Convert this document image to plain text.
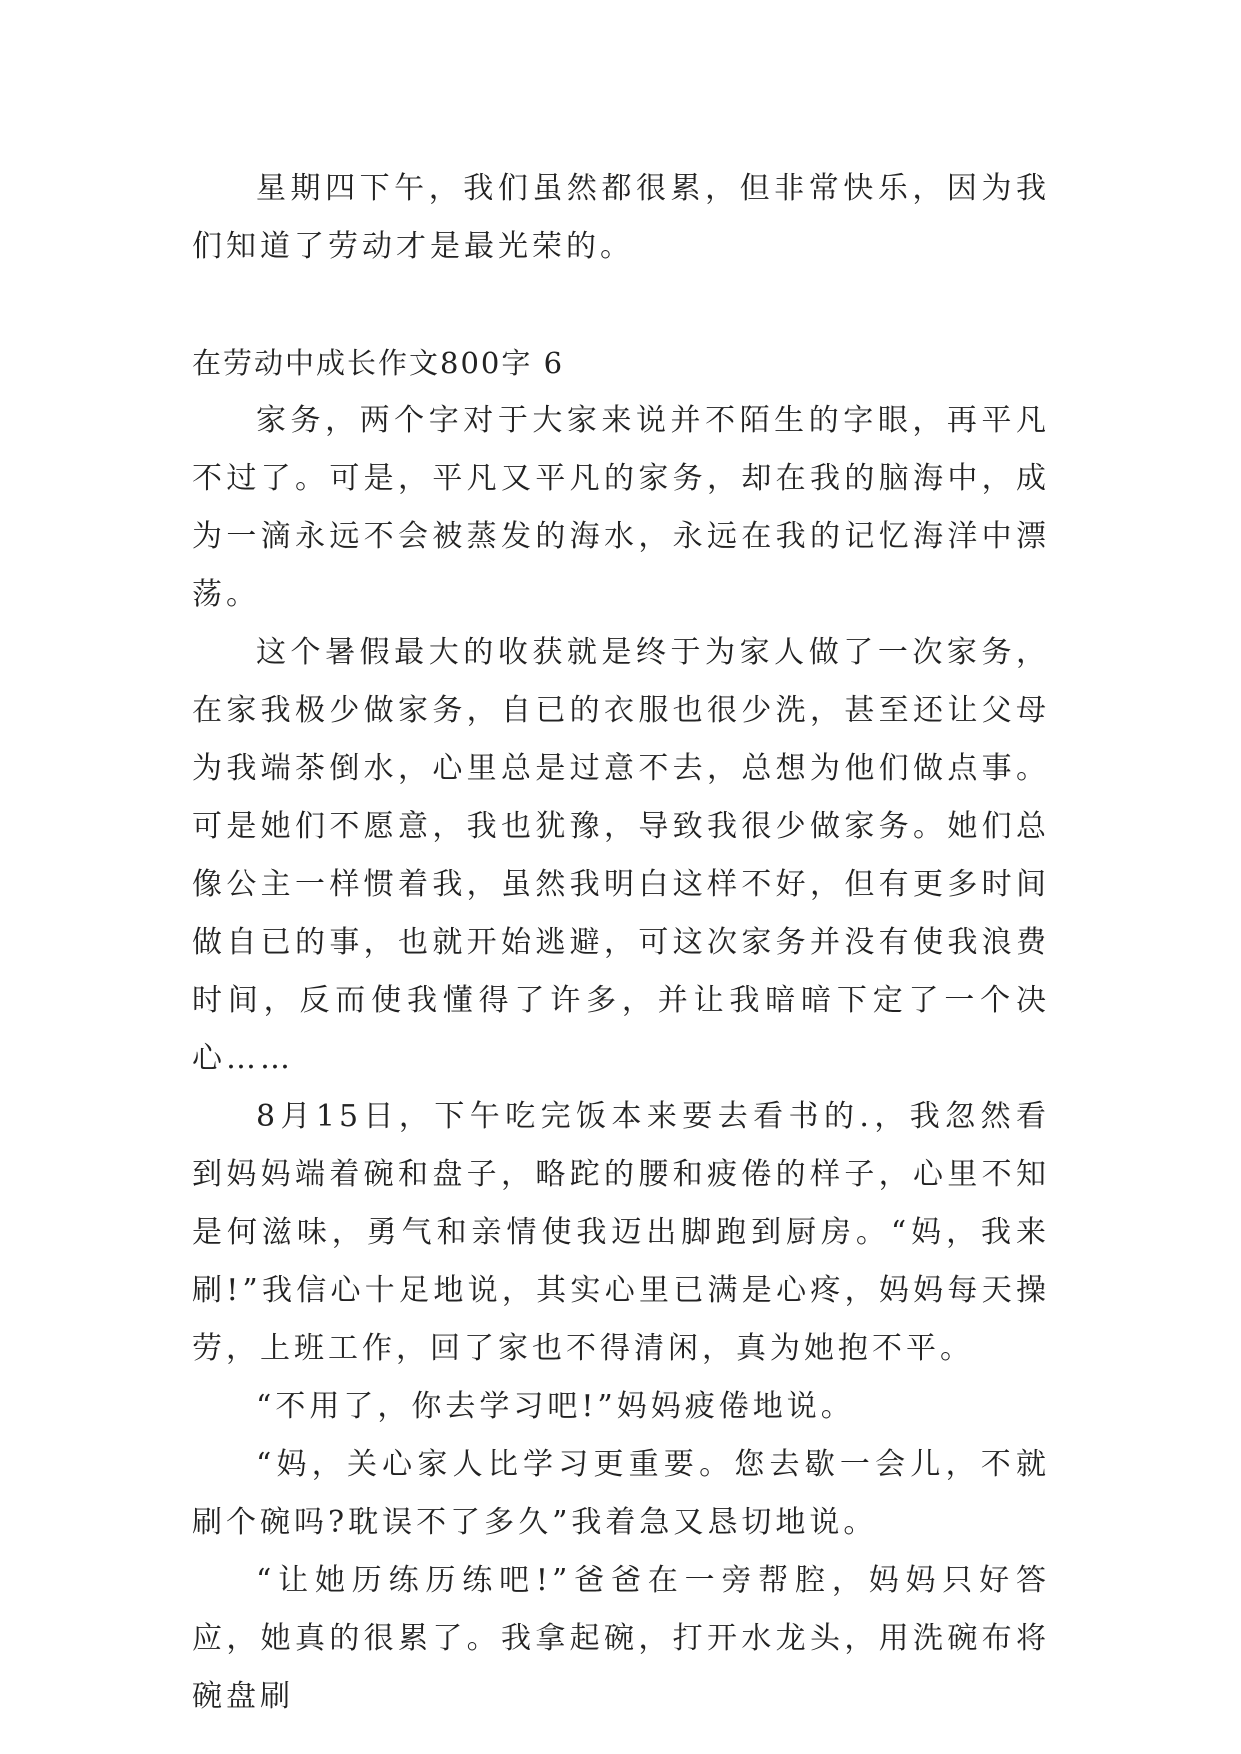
星期四下午，我们虽然都很累，但非常快乐，因为我们知道了劳动才是最光荣的。

在劳动中成长作文800字 6

家务，两个字对于大家来说并不陌生的字眼，再平凡不过了。可是，平凡又平凡的家务，却在我的脑海中，成为一滴永远不会被蒸发的海水，永远在我的记忆海洋中漂荡。

这个暑假最大的收获就是终于为家人做了一次家务，在家我极少做家务，自已的衣服也很少洗，甚至还让父母为我端茶倒水，心里总是过意不去，总想为他们做点事。可是她们不愿意，我也犹豫，导致我很少做家务。她们总像公主一样惯着我，虽然我明白这样不好，但有更多时间做自已的事，也就开始逃避，可这次家务并没有使我浪费时间，反而使我懂得了许多，并让我暗暗下定了一个决心……

8月15日，下午吃完饭本来要去看书的.，我忽然看到妈妈端着碗和盘子，略跎的腰和疲倦的样子，心里不知是何滋味，勇气和亲情使我迈出脚跑到厨房。“妈，我来刷!”我信心十足地说，其实心里已满是心疼，妈妈每天操劳，上班工作，回了家也不得清闲，真为她抱不平。

“不用了，你去学习吧!”妈妈疲倦地说。

“妈，关心家人比学习更重要。您去歇一会儿，不就刷个碗吗?耽误不了多久”我着急又恳切地说。

“让她历练历练吧!”爸爸在一旁帮腔，妈妈只好答应，她真的很累了。我拿起碗，打开水龙头，用洗碗布将碗盘刷
